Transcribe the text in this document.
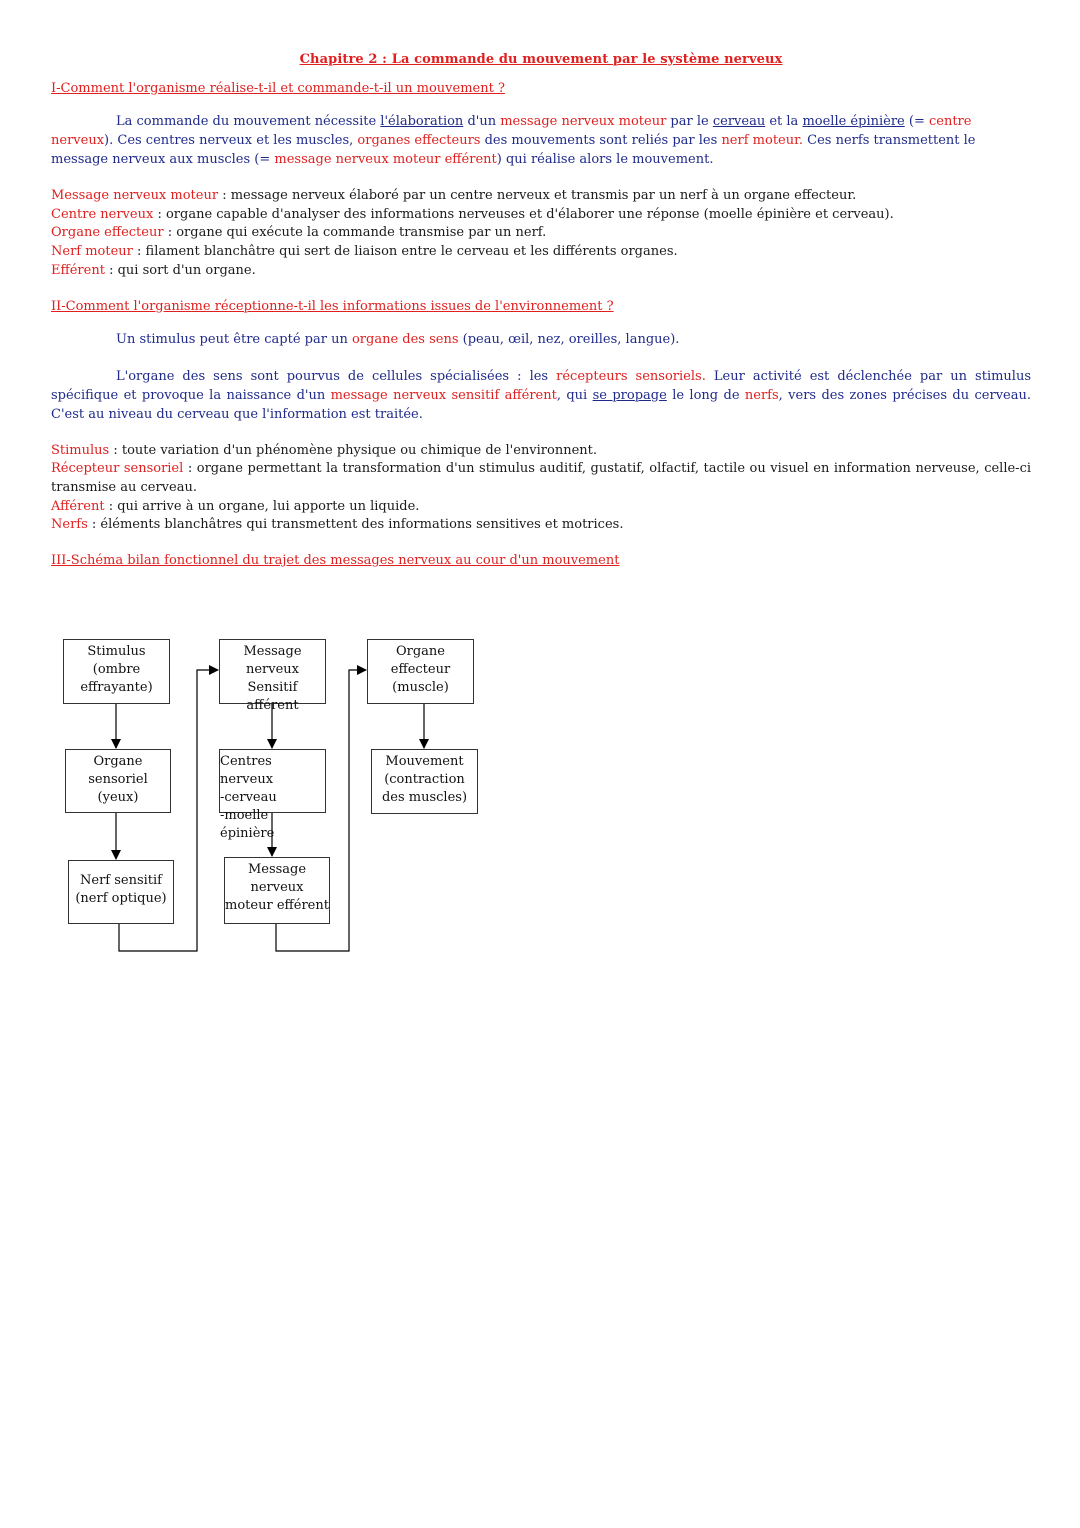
Chapitre 2 : La commande du mouvement par le système nerveux
I-Comment l'organisme réalise-t-il et commande-t-il un mouvement ?

La commande du mouvement nécessite l'élaboration d'un message nerveux moteur par le cerveau et la moelle épinière (= centre nerveux). Ces centres nerveux et les muscles, organes effecteurs des mouvements sont reliés par les nerf moteur. Ces nerfs transmettent le message nerveux aux muscles (= message nerveux moteur efférent) qui réalise alors le mouvement.

Message nerveux moteur : message nerveux élaboré par un centre nerveux et transmis par un nerf à un organe effecteur.

Centre nerveux : organe capable d'analyser des informations nerveuses et d'élaborer une réponse (moelle épinière et cerveau).

Organe effecteur : organe qui exécute la commande transmise par un nerf.

Nerf moteur : filament blanchâtre qui sert de liaison entre le cerveau et les différents organes.

Efférent : qui sort d'un organe.

II-Comment l'organisme réceptionne-t-il les informations issues de l'environnement ?

Un stimulus peut être capté par un organe des sens (peau, œil, nez, oreilles, langue).

L'organe des sens sont pourvus de cellules spécialisées : les récepteurs sensoriels. Leur activité est déclenchée par un stimulus spécifique et provoque la naissance d'un message nerveux sensitif afférent, qui se propage le long de nerfs, vers des zones précises du cerveau. C'est au niveau du cerveau que l'information est traitée.

Stimulus : toute variation d'un phénomène physique ou chimique de l'environnent.

Récepteur sensoriel : organe permettant la transformation d'un stimulus auditif, gustatif, olfactif, tactile ou visuel en information nerveuse, celle-ci transmise au cerveau.

Afférent : qui arrive à un organe, lui apporte un liquide.

Nerfs : éléments blanchâtres qui transmettent des informations sensitives et motrices.

III-Schéma bilan fonctionnel du trajet des messages nerveux au cour d'un mouvement
Stimulus
(ombre
effrayante)
Organe
sensoriel
(yeux)
Nerf sensitif
(nerf optique)
Message
nerveux
Sensitif afférent
Centres nerveux
-cerveau
-moelle épinière
Message
nerveux
moteur efférent
Organe
effecteur
(muscle)
Mouvement
(contraction
des muscles)
